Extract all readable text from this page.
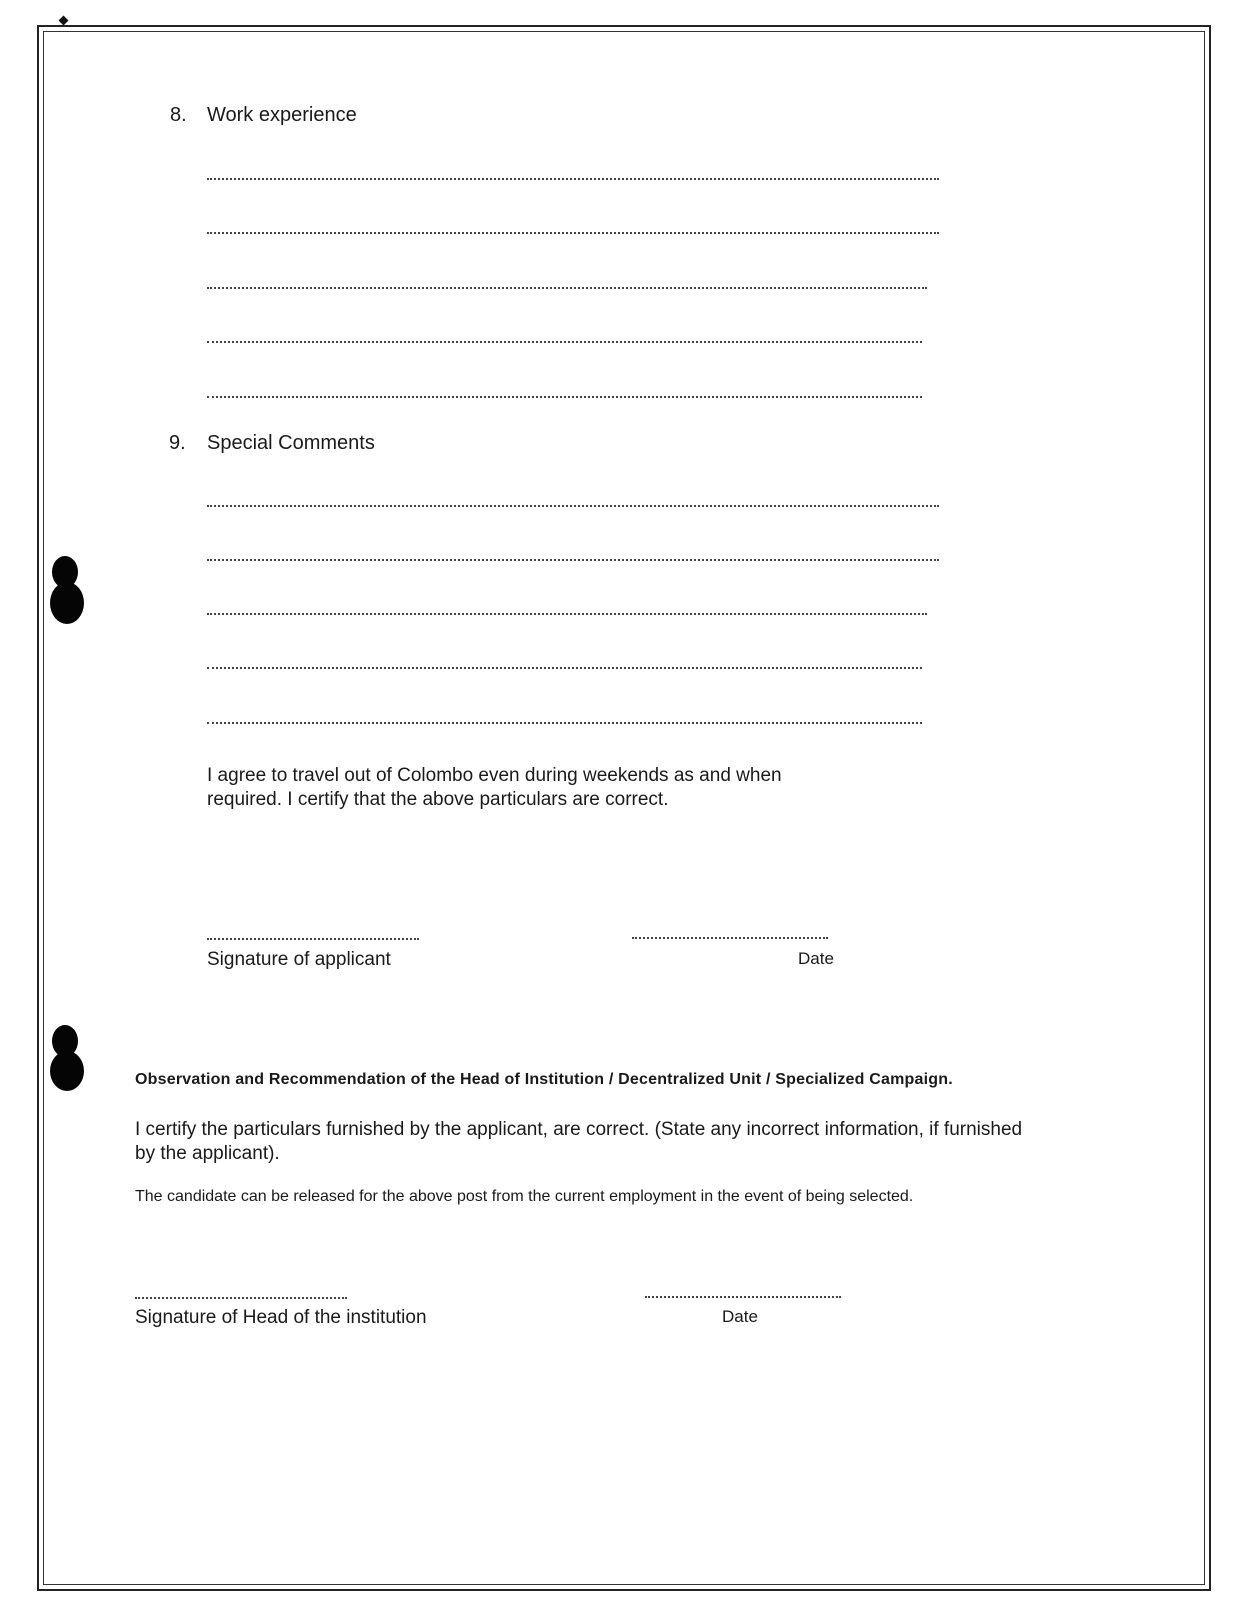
8. Work experience
9. Special Comments
I agree to travel out of Colombo even during weekends as and when required. I certify that the above particulars are correct.
Signature of applicant	Date
Observation and Recommendation of the Head of Institution / Decentralized Unit / Specialized Campaign.
I certify the particulars furnished by the applicant, are correct. (State any incorrect information, if furnished by the applicant).
The candidate can be released for the above post from the current employment in the event of being selected.
Signature of Head of the institution	Date
